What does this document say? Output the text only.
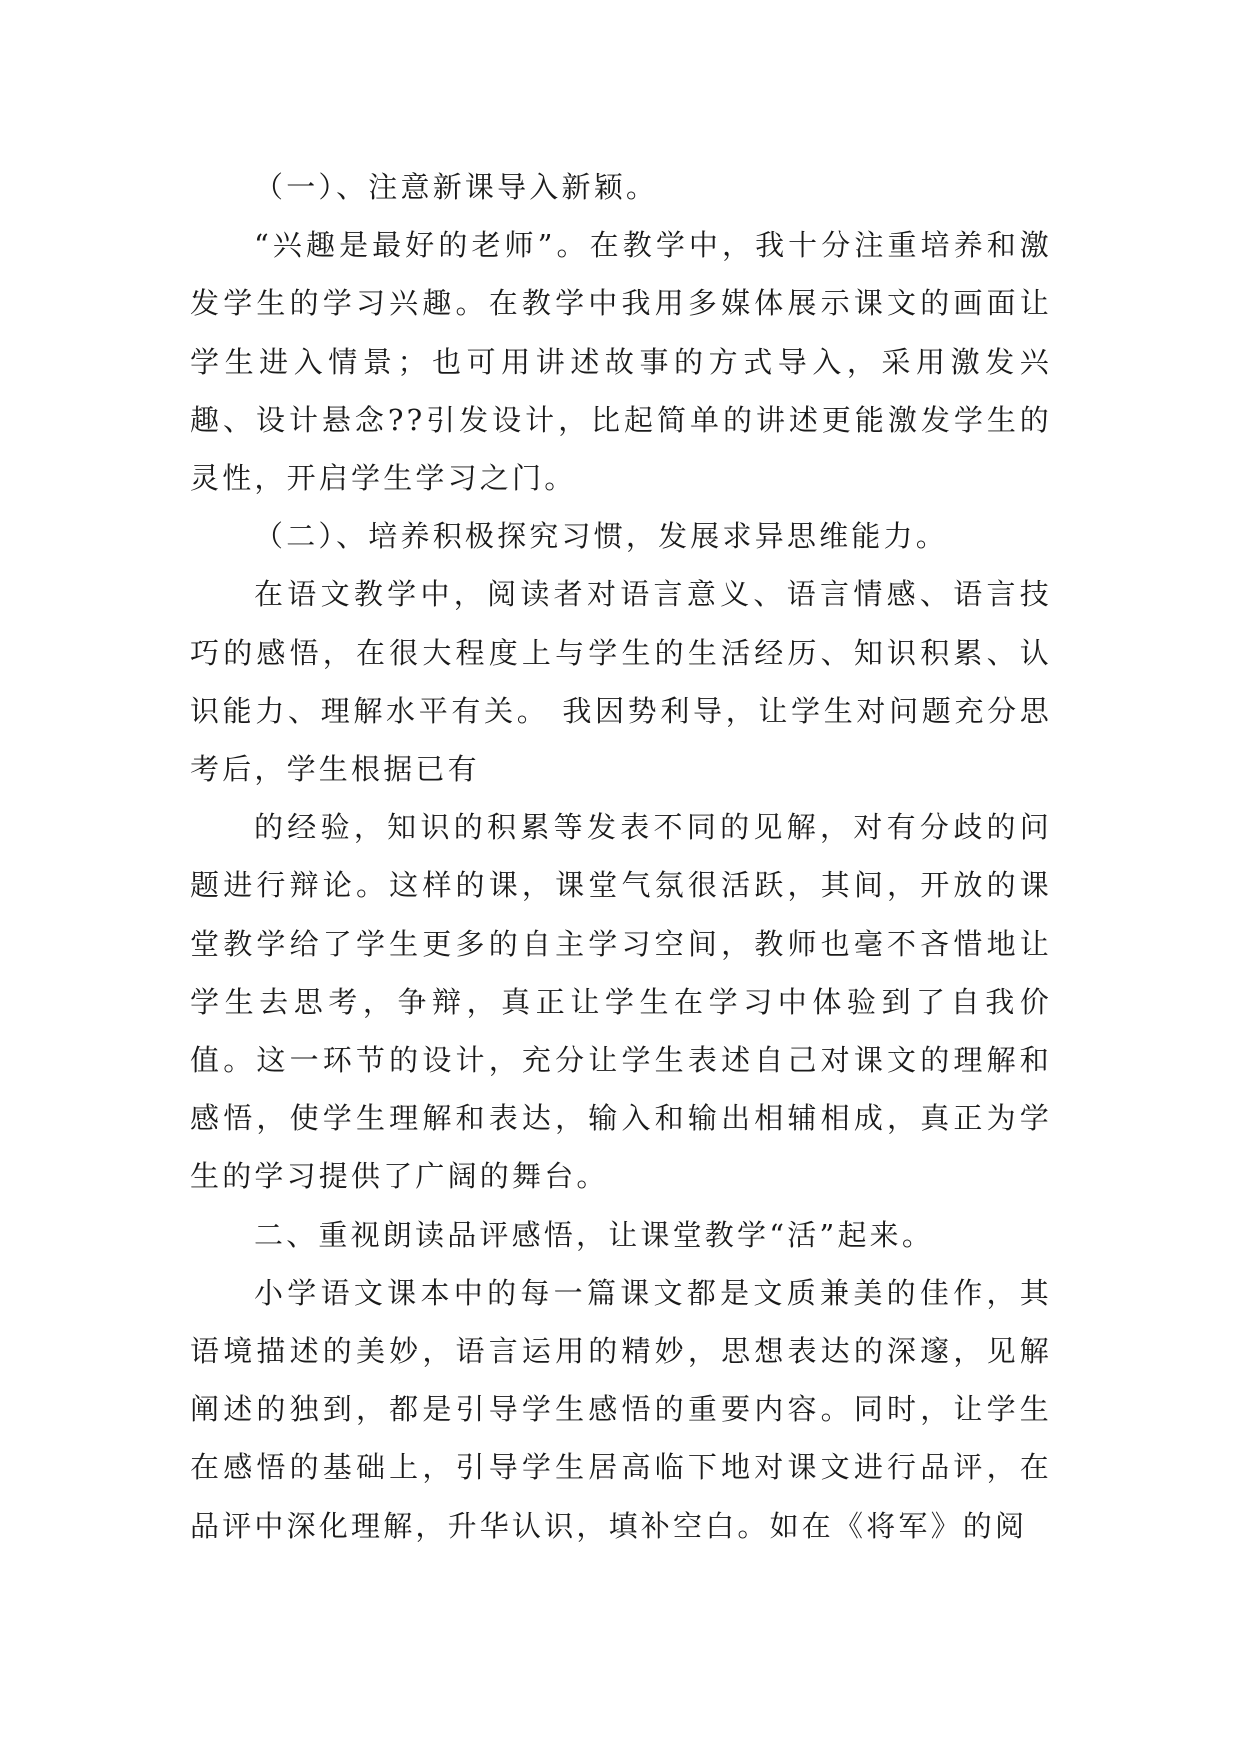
（一）、注意新课导入新颖。

“兴趣是最好的老师”。在教学中，我十分注重培养和激发学生的学习兴趣。在教学中我用多媒体展示课文的画面让学生进入情景；也可用讲述故事的方式导入，采用激发兴趣、设计悬念??引发设计，比起简单的讲述更能激发学生的灵性，开启学生学习之门。

（二）、培养积极探究习惯，发展求异思维能力。

在语文教学中，阅读者对语言意义、语言情感、语言技巧的感悟，在很大程度上与学生的生活经历、知识积累、认识能力、理解水平有关。 我因势利导，让学生对问题充分思考后，学生根据已有

的经验，知识的积累等发表不同的见解，对有分歧的问题进行辩论。这样的课，课堂气氛很活跃，其间，开放的课堂教学给了学生更多的自主学习空间，教师也毫不吝惜地让学生去思考，争辩，真正让学生在学习中体验到了自我价值。这一环节的设计，充分让学生表述自己对课文的理解和感悟，使学生理解和表达，输入和输出相辅相成，真正为学生的学习提供了广阔的舞台。

二、重视朗读品评感悟，让课堂教学“活”起来。

小学语文课本中的每一篇课文都是文质兼美的佳作，其语境描述的美妙，语言运用的精妙，思想表达的深邃，见解阐述的独到，都是引导学生感悟的重要内容。同时，让学生在感悟的基础上，引导学生居高临下地对课文进行品评，在品评中深化理解，升华认识，填补空白。如在《将军》的阅
